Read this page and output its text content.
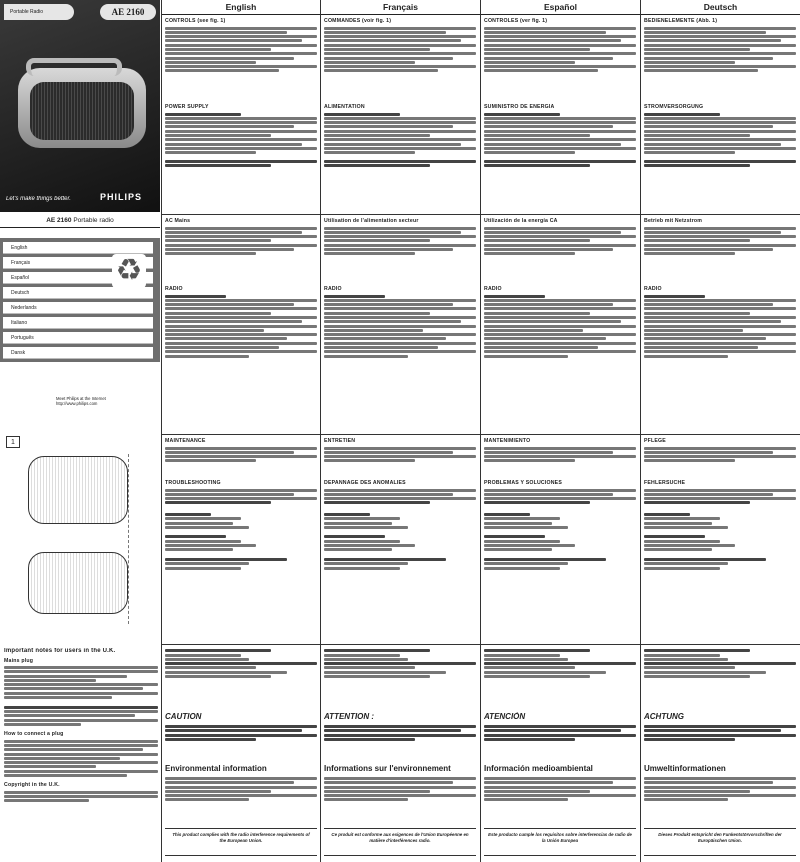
Portable Radio	AE 2160
Let's make things better.	PHILIPS
AE 2160 Portable radio
English
Français
Español
Deutsch
Nederlands
Italiano
Português
Dansk
♻
Meet Philips at the Internet
http://www.philips.com
1
Important notes for users in the U.K.
Mains plug
How to connect a plug
Copyright in the U.K.
English	Français	Español	Deutsch
CONTROLS (see fig. 1)
POWER SUPPLY
AC Mains
RADIO
MAINTENANCE
TROUBLESHOOTING
CAUTION
Environmental information
This product complies with the radio interference requirements of the European Union.
COMMANDES (voir fig. 1)
ALIMENTATION
Utilisation de l'alimentation secteur
RADIO
ENTRETIEN
DEPANNAGE DES ANOMALIES
ATTENTION :
Informations sur l'environnement
Ce produit est conforme aux exigences de l'Union Européenne en matière d'interférences radio.
CONTROLES (ver fig. 1)
SUMINISTRO DE ENERGÍA
Utilización de la energía CA
RADIO
MANTENIMIENTO
PROBLEMAS Y SOLUCIONES
ATENCIÓN
Información medioambiental
Este producto cumple los requisitos sobre interferencias de radio de la Unión Europea
BEDIENELEMENTE (Abb. 1)
STROMVERSORGUNG
Betrieb mit Netzstrom
RADIO
PFLEGE
FEHLERSUCHE
ACHTUNG
Umweltinformationen
Dieses Produkt entspricht den Funkentstörvorschriften der Europäischen Union.
